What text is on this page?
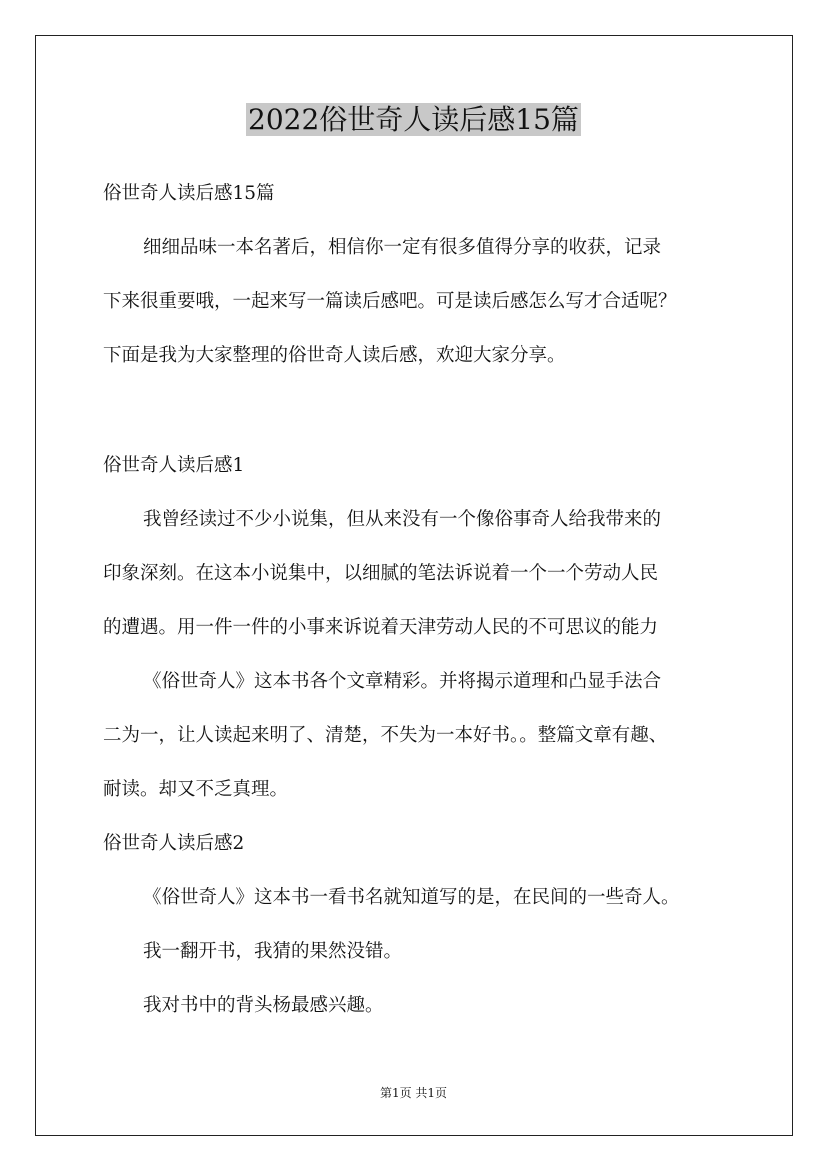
2022俗世奇人读后感15篇
俗世奇人读后感15篇
细细品味一本名著后，相信你一定有很多值得分享的收获，记录
下来很重要哦，一起来写一篇读后感吧。可是读后感怎么写才合适呢？
下面是我为大家整理的俗世奇人读后感，欢迎大家分享。
俗世奇人读后感1
我曾经读过不少小说集，但从来没有一个像俗事奇人给我带来的
印象深刻。在这本小说集中，以细腻的笔法诉说着一个一个劳动人民
的遭遇。用一件一件的小事来诉说着天津劳动人民的不可思议的能力
《俗世奇人》这本书各个文章精彩。并将揭示道理和凸显手法合
二为一，让人读起来明了、清楚，不失为一本好书。。整篇文章有趣、
耐读。却又不乏真理。
俗世奇人读后感2
《俗世奇人》这本书一看书名就知道写的是，在民间的一些奇人。
我一翻开书，我猜的果然没错。
我对书中的背头杨最感兴趣。
第1页 共1页
